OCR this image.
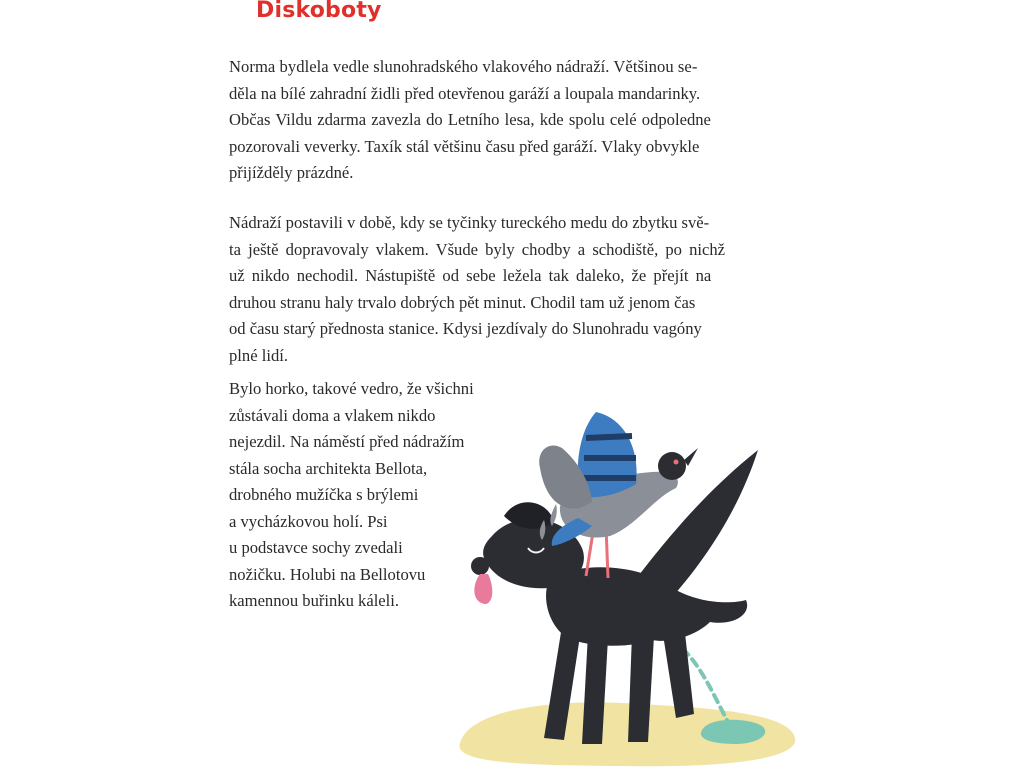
Diskoboty

Norma bydlela vedle slunohradského vlakového nádraží. Většinou se-
děla na bílé zahradní židli před otevřenou garáží a loupala mandarinky.
Občas Vildu zdarma zavezla do Letního lesa, kde spolu celé odpoledne
pozorovali veverky. Taxík stál většinu času před garáží. Vlaky obvykle
přijížděly prázdné.

Nádraží postavili v době, kdy se tyčinky tureckého medu do zbytku svě-
ta ještě dopravovaly vlakem. Všude byly chodby a schodiště, po nichž
už nikdo nechodil. Nástupiště od sebe ležela tak daleko, že přejít na
druhou stranu haly trvalo dobrých pět minut. Chodil tam už jenom čas
od času starý přednosta stanice. Kdysi jezdívaly do Slunohradu vagóny
plné lidí.

Bylo horko, takové vedro, že všichni
zůstávali doma a vlakem nikdo
nejezdil. Na náměstí před nádražím
stála socha architekta Bellota,
drobného mužíčka s brýlemi
a vycházkovou holí. Psi
u podstavce sochy zvedali
nožičku. Holubi na Bellotovu
kamennou buřinku káleli.
